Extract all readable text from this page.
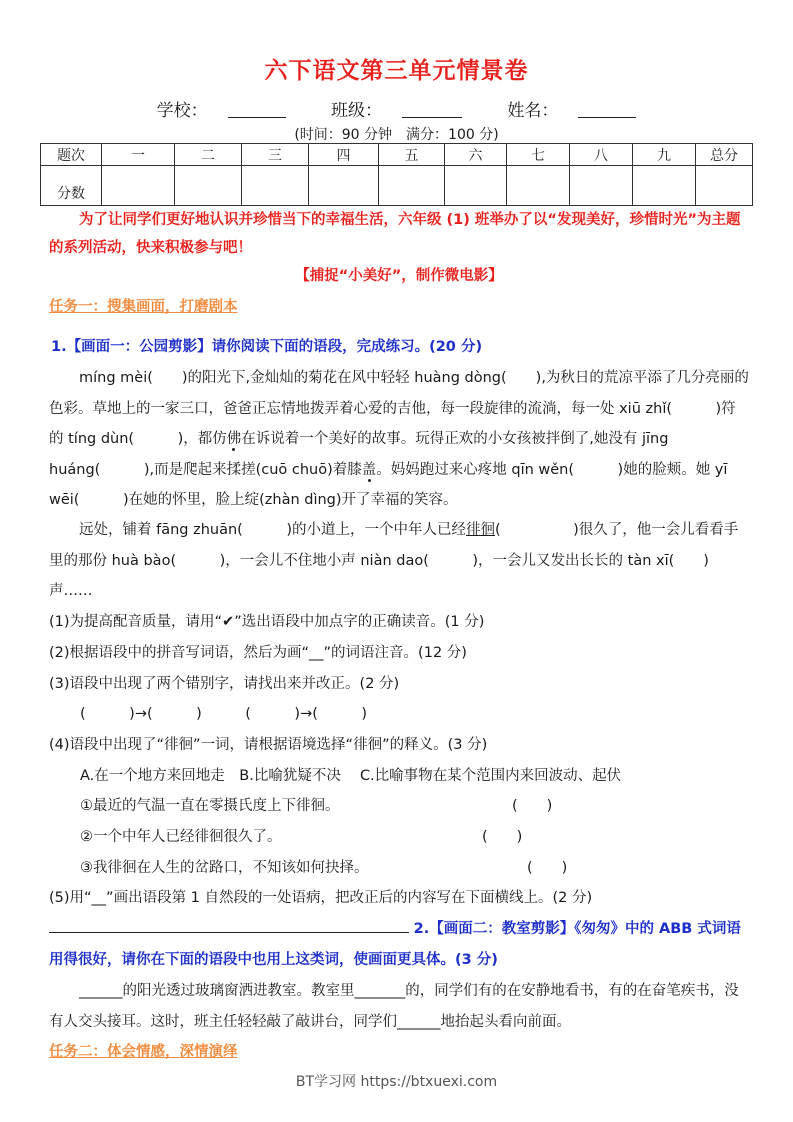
六下语文第三单元情景卷
学校：	班级：	姓名：
(时间：90 分钟　满分：100 分)
题次	一	二	三	四	五	六	七	八	九	总分
分数										
为了让同学们更好地认识并珍惜当下的幸福生活，六年级 (1) 班举办了以“发现美好，珍惜时光”为主题的系列活动，快来积极参与吧！
【捕捉“小美好”，制作微电影】
任务一：搜集画面，打磨剧本
1.【画面一：公园剪影】请你阅读下面的语段，完成练习。(20 分)
míng mèi(　　)的阳光下,金灿灿的菊花在风中轻轻 huàng dòng(　　),为秋日的荒凉平添了几分亮丽的色彩。草地上的一家三口，爸爸正忘情地拨弄着心爱的吉他，每一段旋律的流淌，每一处 xiū zhǐ(　　　)符的 tíng dùn(　　　)，都仿佛在诉说着一个美好的故事。玩得正欢的小女孩被拌倒了,她没有 jīng huáng(　　　),而是爬起来揉搓(cuō chuō)着膝盖。妈妈跑过来心疼地 qīn wěn(　　　)她的脸颊。她 yī wēi(　　　)在她的怀里，脸上绽(zhàn dìng)开了幸福的笑容。
远处，铺着 fāng zhuān(　　　)的小道上，一个中年人已经徘徊(　　　　　)很久了，他一会儿看看手里的那份 huà bào(　　　)，一会儿不住地小声 niàn dao(　　　)，一会儿又发出长长的 tàn xī(　　)声……
(1)为提高配音质量，请用“✔”选出语段中加点字的正确读音。(1 分)
(2)根据语段中的拼音写词语，然后为画“__”的词语注音。(12 分)
(3)语段中出现了两个错别字，请找出来并改正。(2 分)
(　　　)→(　　　)　　　(　　　)→(　　　)
(4)语段中出现了“徘徊”一词，请根据语境选择“徘徊”的释义。(3 分)
A.在一个地方来回地走　B.比喻犹疑不决　 C.比喻事物在某个范围内来回波动、起伏
①最近的气温一直在零摄氏度上下徘徊。	(　　)
②一个中年人已经徘徊很久了。	(　　)
③我徘徊在人生的岔路口，不知该如何抉择。	(　　)
(5)用“__”画出语段第 1 自然段的一处语病，把改正后的内容写在下面横线上。(2 分)
2.【画面二：教室剪影】《匆匆》中的 ABB 式词语用得很好，请你在下面的语段中也用上这类词，使画面更具体。(3 分)
______的阳光透过玻璃窗洒进教室。教室里_______的，同学们有的在安静地看书，有的在奋笔疾书，没有人交头接耳。这时，班主任轻轻敲了敲讲台，同学们______地抬起头看向前面。
任务二：体会情感，深情演绎
BT学习网 https://btxuexi.com
